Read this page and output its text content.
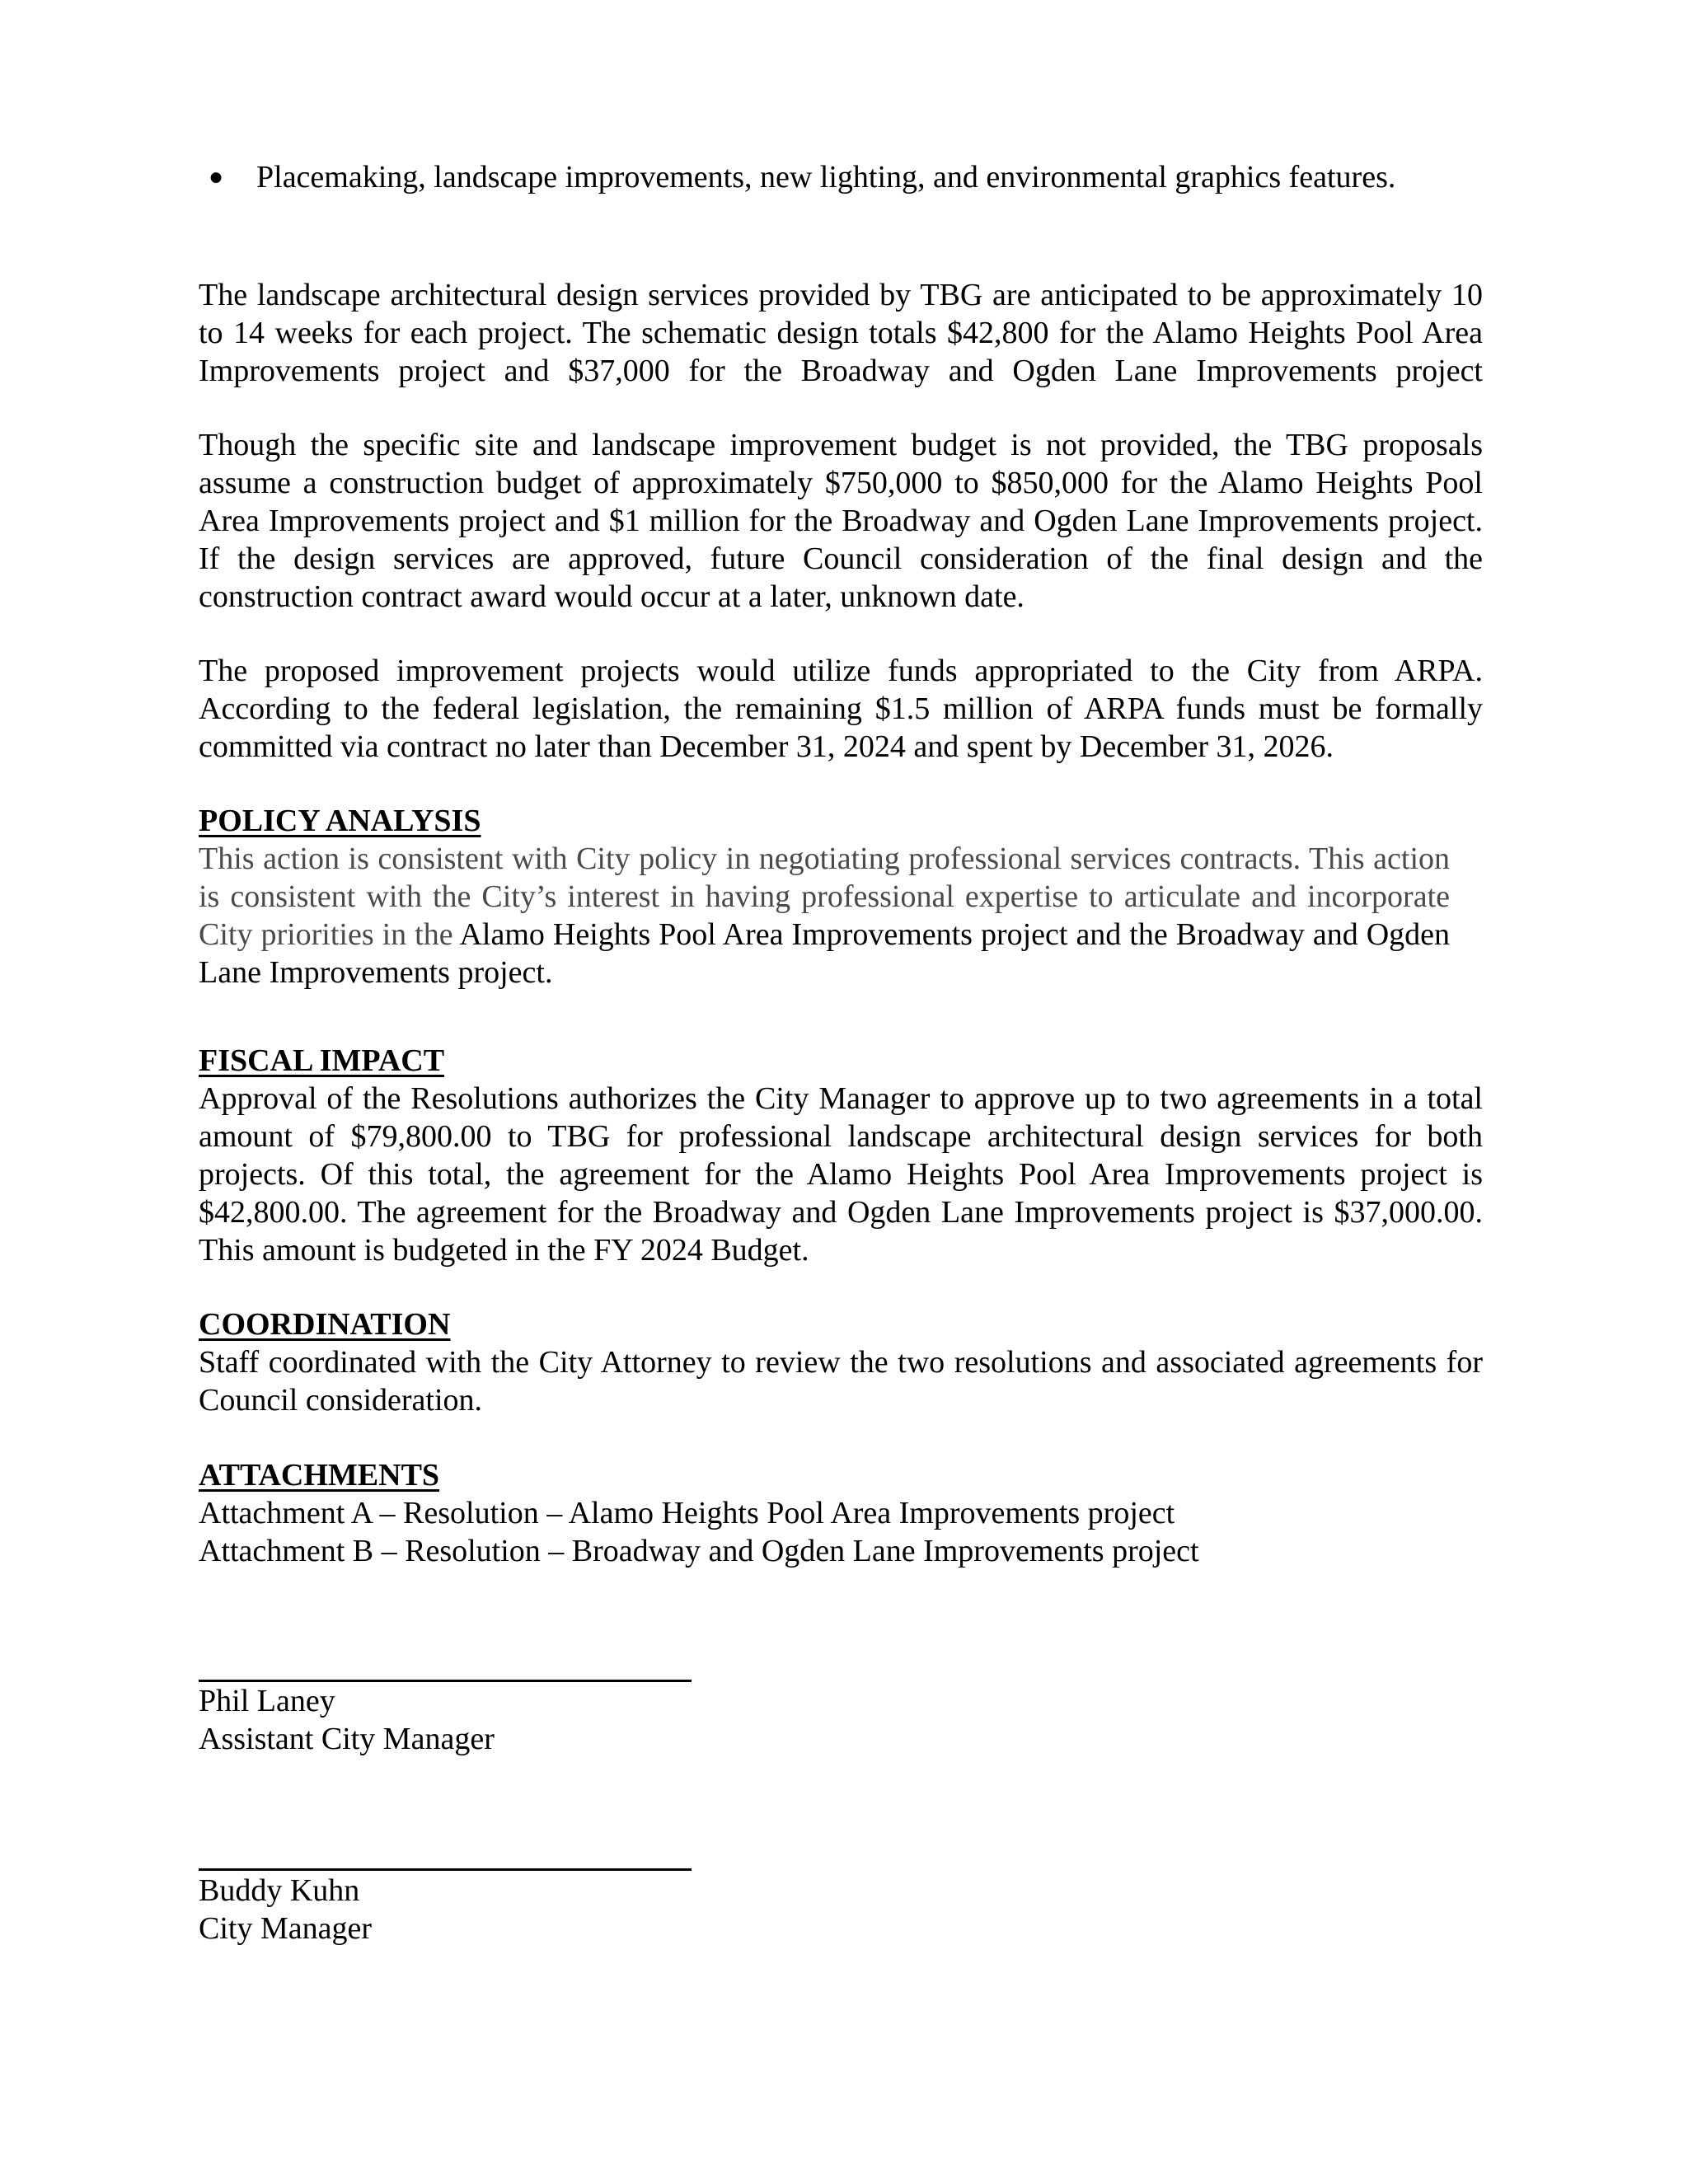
● Placemaking, landscape improvements, new lighting, and environmental graphics features.

The landscape architectural design services provided by TBG are anticipated to be approximately 10 to 14 weeks for each project. The schematic design totals $42,800 for the Alamo Heights Pool Area Improvements project and $37,000 for the Broadway and Ogden Lane Improvements project

Though the specific site and landscape improvement budget is not provided, the TBG proposals assume a construction budget of approximately $750,000 to $850,000 for the Alamo Heights Pool Area Improvements project and $1 million for the Broadway and Ogden Lane Improvements project. If the design services are approved, future Council consideration of the final design and the construction contract award would occur at a later, unknown date.

The proposed improvement projects would utilize funds appropriated to the City from ARPA. According to the federal legislation, the remaining $1.5 million of ARPA funds must be formally committed via contract no later than December 31, 2024 and spent by December 31, 2026.

POLICY ANALYSIS

This action is consistent with City policy in negotiating professional services contracts. This action is consistent with the City’s interest in having professional expertise to articulate and incorporate City priorities in the Alamo Heights Pool Area Improvements project and the Broadway and Ogden Lane Improvements project.

FISCAL IMPACT

Approval of the Resolutions authorizes the City Manager to approve up to two agreements in a total amount of $79,800.00 to TBG for professional landscape architectural design services for both projects. Of this total, the agreement for the Alamo Heights Pool Area Improvements project is $42,800.00. The agreement for the Broadway and Ogden Lane Improvements project is $37,000.00. This amount is budgeted in the FY 2024 Budget.

COORDINATION

Staff coordinated with the City Attorney to review the two resolutions and associated agreements for Council consideration.

ATTACHMENTS

Attachment A – Resolution – Alamo Heights Pool Area Improvements project

Attachment B – Resolution – Broadway and Ogden Lane Improvements project

Phil Laney

Assistant City Manager

Buddy Kuhn

City Manager
